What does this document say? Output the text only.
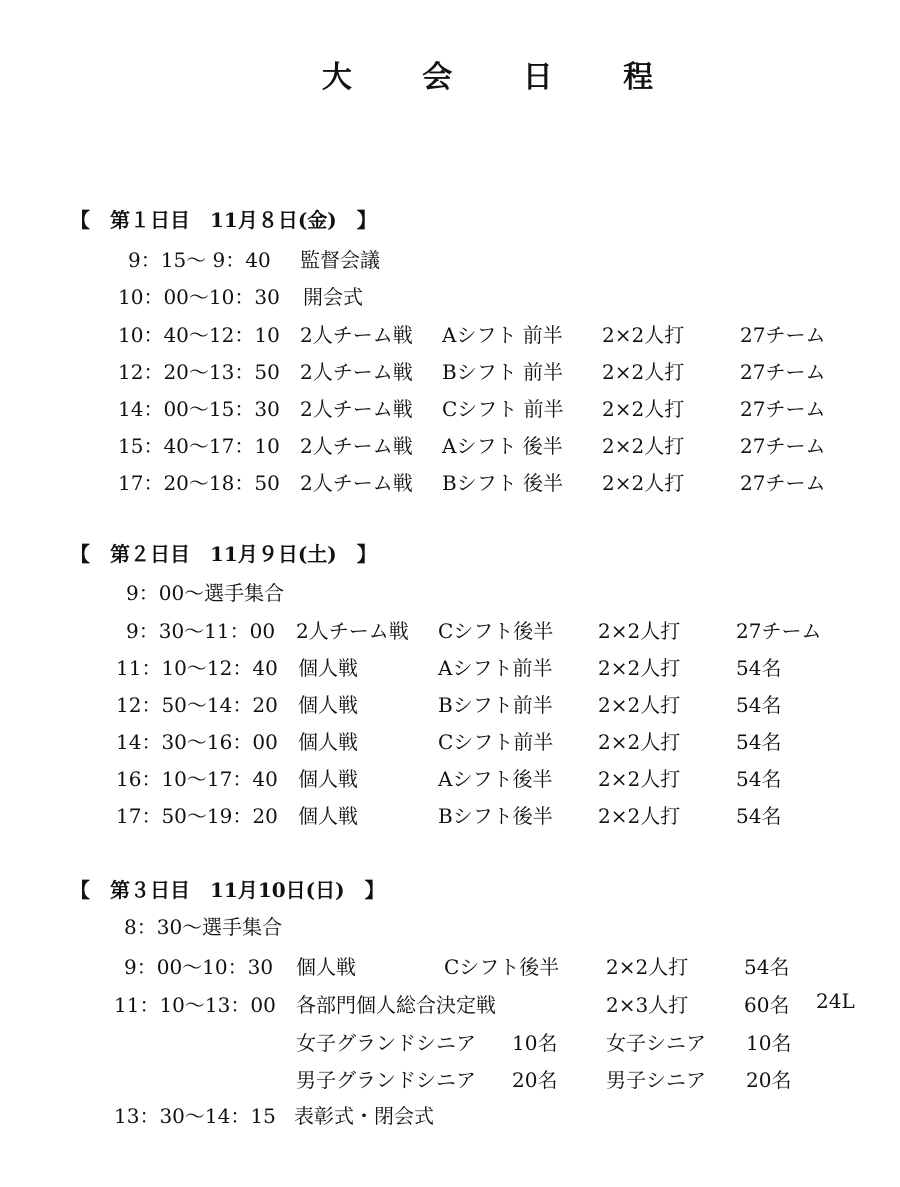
大 会 日 程
【　第１日目　11月８日(金)　】
9：15～ 9：40 監督会議
10：00～10：30 開会式
10：40～12：10 2人チーム戦 Aシフト 前半 2×2人打	27チーム
12：20～13：50 2人チーム戦 Bシフト 前半 2×2人打	27チーム
14：00～15：30 2人チーム戦 Cシフト 前半 2×2人打	27チーム
15：40～17：10 2人チーム戦 Aシフト 後半 2×2人打	27チーム
17：20～18：50 2人チーム戦 Bシフト 後半 2×2人打	27チーム
【　第２日目　11月９日(土)　】
9：00～選手集合
9：30～11：00 2人チーム戦 Cシフト後半 2×2人打	27チーム
11：10～12：40 個人戦	Aシフト前半 2×2人打	54名
12：50～14：20 個人戦	Bシフト前半 2×2人打	54名
14：30～16：00 個人戦	Cシフト前半 2×2人打	54名
16：10～17：40 個人戦	Aシフト後半 2×2人打	54名
17：50～19：20 個人戦	Bシフト後半 2×2人打	54名
【　第３日目　11月10日(日)　】
8：30～選手集合
9：00～10：30 個人戦	Cシフト後半 2×2人打	54名
11：10～13：00 各部門個人総合決定戦	2×3人打	60名 24L
女子グランドシニア 10名 女子シニア 10名
男子グランドシニア 20名 男子シニア 20名
13：30～14：15 表彰式・閉会式
